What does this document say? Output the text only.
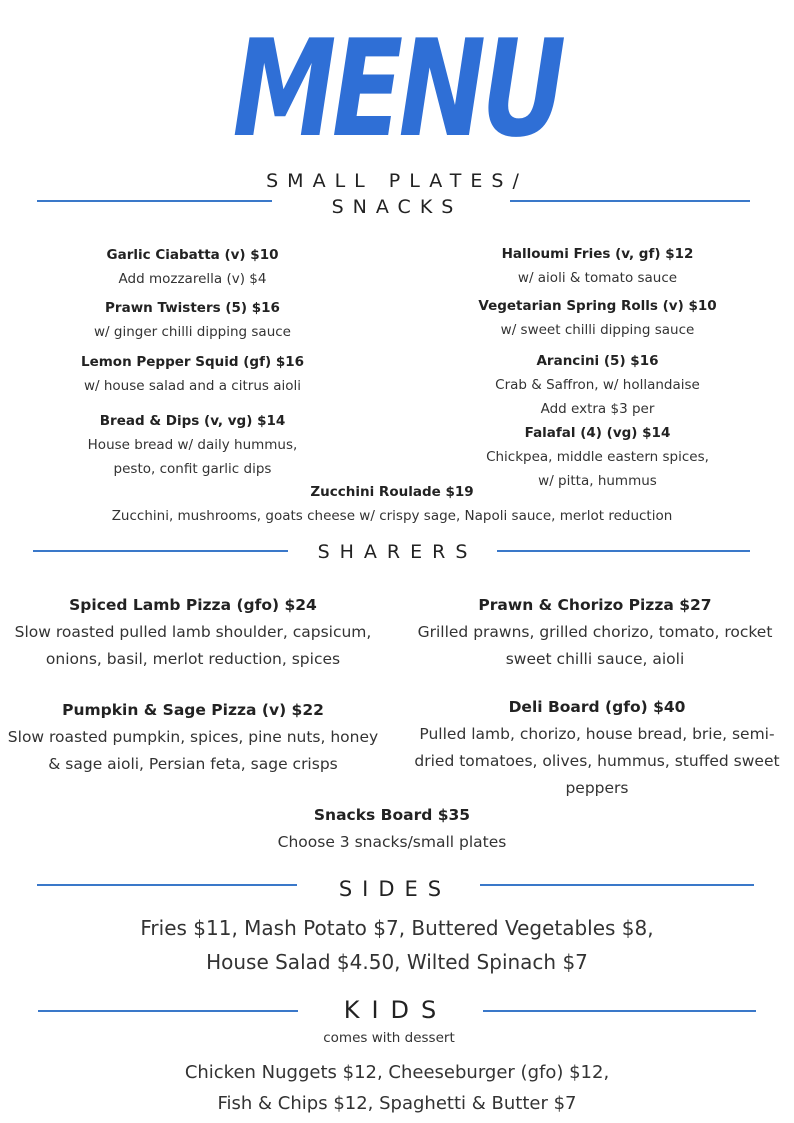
MENU
SMALL PLATES/
SNACKS
Garlic Ciabatta (v) $10
Add mozzarella (v) $4
Prawn Twisters (5) $16
w/ ginger chilli dipping sauce
Lemon Pepper Squid (gf) $16
w/ house salad and a citrus aioli
Bread & Dips (v, vg) $14
House bread w/ daily hummus,
pesto, confit garlic dips
Halloumi Fries (v, gf) $12
w/ aioli & tomato sauce
Vegetarian Spring Rolls (v) $10
w/ sweet chilli dipping sauce
Arancini (5) $16
Crab & Saffron, w/ hollandaise
Add extra $3 per
Falafal (4) (vg) $14
Chickpea, middle eastern spices,
w/ pitta, hummus
Zucchini Roulade $19
Zucchini, mushrooms, goats cheese w/ crispy sage, Napoli sauce, merlot reduction
SHARERS
Spiced Lamb Pizza (gfo) $24
Slow roasted pulled lamb shoulder, capsicum,
onions, basil, merlot reduction, spices
Pumpkin & Sage Pizza (v) $22
Slow roasted pumpkin, spices, pine nuts, honey
& sage aioli, Persian feta, sage crisps
Prawn & Chorizo Pizza $27
Grilled prawns, grilled chorizo, tomato, rocket
sweet chilli sauce, aioli
Deli Board (gfo) $40
Pulled lamb, chorizo, house bread, brie, semi-
dried tomatoes, olives, hummus, stuffed sweet
peppers
Snacks Board $35
Choose 3 snacks/small plates
SIDES
Fries $11, Mash Potato $7, Buttered Vegetables $8,
House Salad $4.50, Wilted Spinach $7
KIDS
comes with dessert
Chicken Nuggets $12, Cheeseburger (gfo) $12,
Fish & Chips $12, Spaghetti & Butter $7
